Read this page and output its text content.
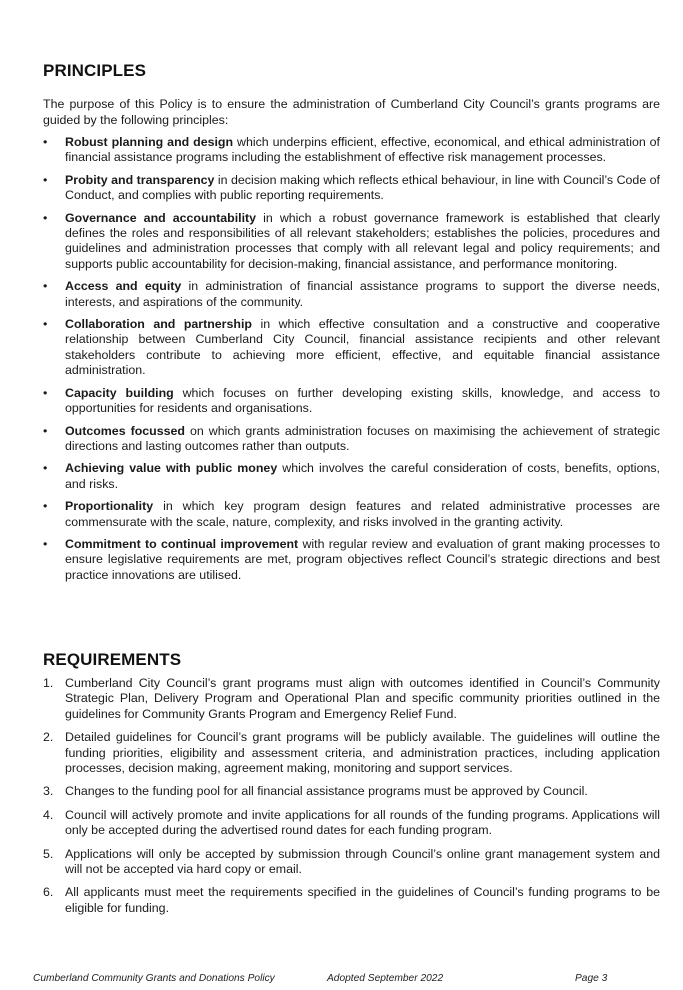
PRINCIPLES

The purpose of this Policy is to ensure the administration of Cumberland City Council’s grants programs are guided by the following principles:

•	Robust planning and design which underpins efficient, effective, economical, and ethical administration of financial assistance programs including the establishment of effective risk management processes.
•	Probity and transparency in decision making which reflects ethical behaviour, in line with Council’s Code of Conduct, and complies with public reporting requirements.
•	Governance and accountability in which a robust governance framework is established that clearly defines the roles and responsibilities of all relevant stakeholders; establishes the policies, procedures and guidelines and administration processes that comply with all relevant legal and policy requirements; and supports public accountability for decision-making, financial assistance, and performance monitoring.
•	Access and equity in administration of financial assistance programs to support the diverse needs, interests, and aspirations of the community.
•	Collaboration and partnership in which effective consultation and a constructive and cooperative relationship between Cumberland City Council, financial assistance recipients and other relevant stakeholders contribute to achieving more efficient, effective, and equitable financial assistance administration.
•	Capacity building which focuses on further developing existing skills, knowledge, and access to opportunities for residents and organisations.
•	Outcomes focussed on which grants administration focuses on maximising the achievement of strategic directions and lasting outcomes rather than outputs.
•	Achieving value with public money which involves the careful consideration of costs, benefits, options, and risks.
•	Proportionality in which key program design features and related administrative processes are commensurate with the scale, nature, complexity, and risks involved in the granting activity.
•	Commitment to continual improvement with regular review and evaluation of grant making processes to ensure legislative requirements are met, program objectives reflect Council’s strategic directions and best practice innovations are utilised.
REQUIREMENTS
1. Cumberland City Council’s grant programs must align with outcomes identified in Council’s Community Strategic Plan, Delivery Program and Operational Plan and specific community priorities outlined in the guidelines for Community Grants Program and Emergency Relief Fund.
2. Detailed guidelines for Council’s grant programs will be publicly available. The guidelines will outline the funding priorities, eligibility and assessment criteria, and administration practices, including application processes, decision making, agreement making, monitoring and support services.
3. Changes to the funding pool for all financial assistance programs must be approved by Council.
4. Council will actively promote and invite applications for all rounds of the funding programs. Applications will only be accepted during the advertised round dates for each funding program.
5. Applications will only be accepted by submission through Council’s online grant management system and will not be accepted via hard copy or email.
6. All applicants must meet the requirements specified in the guidelines of Council’s funding programs to be eligible for funding.
Cumberland Community Grants and Donations Policy	Adopted September 2022	Page 3
